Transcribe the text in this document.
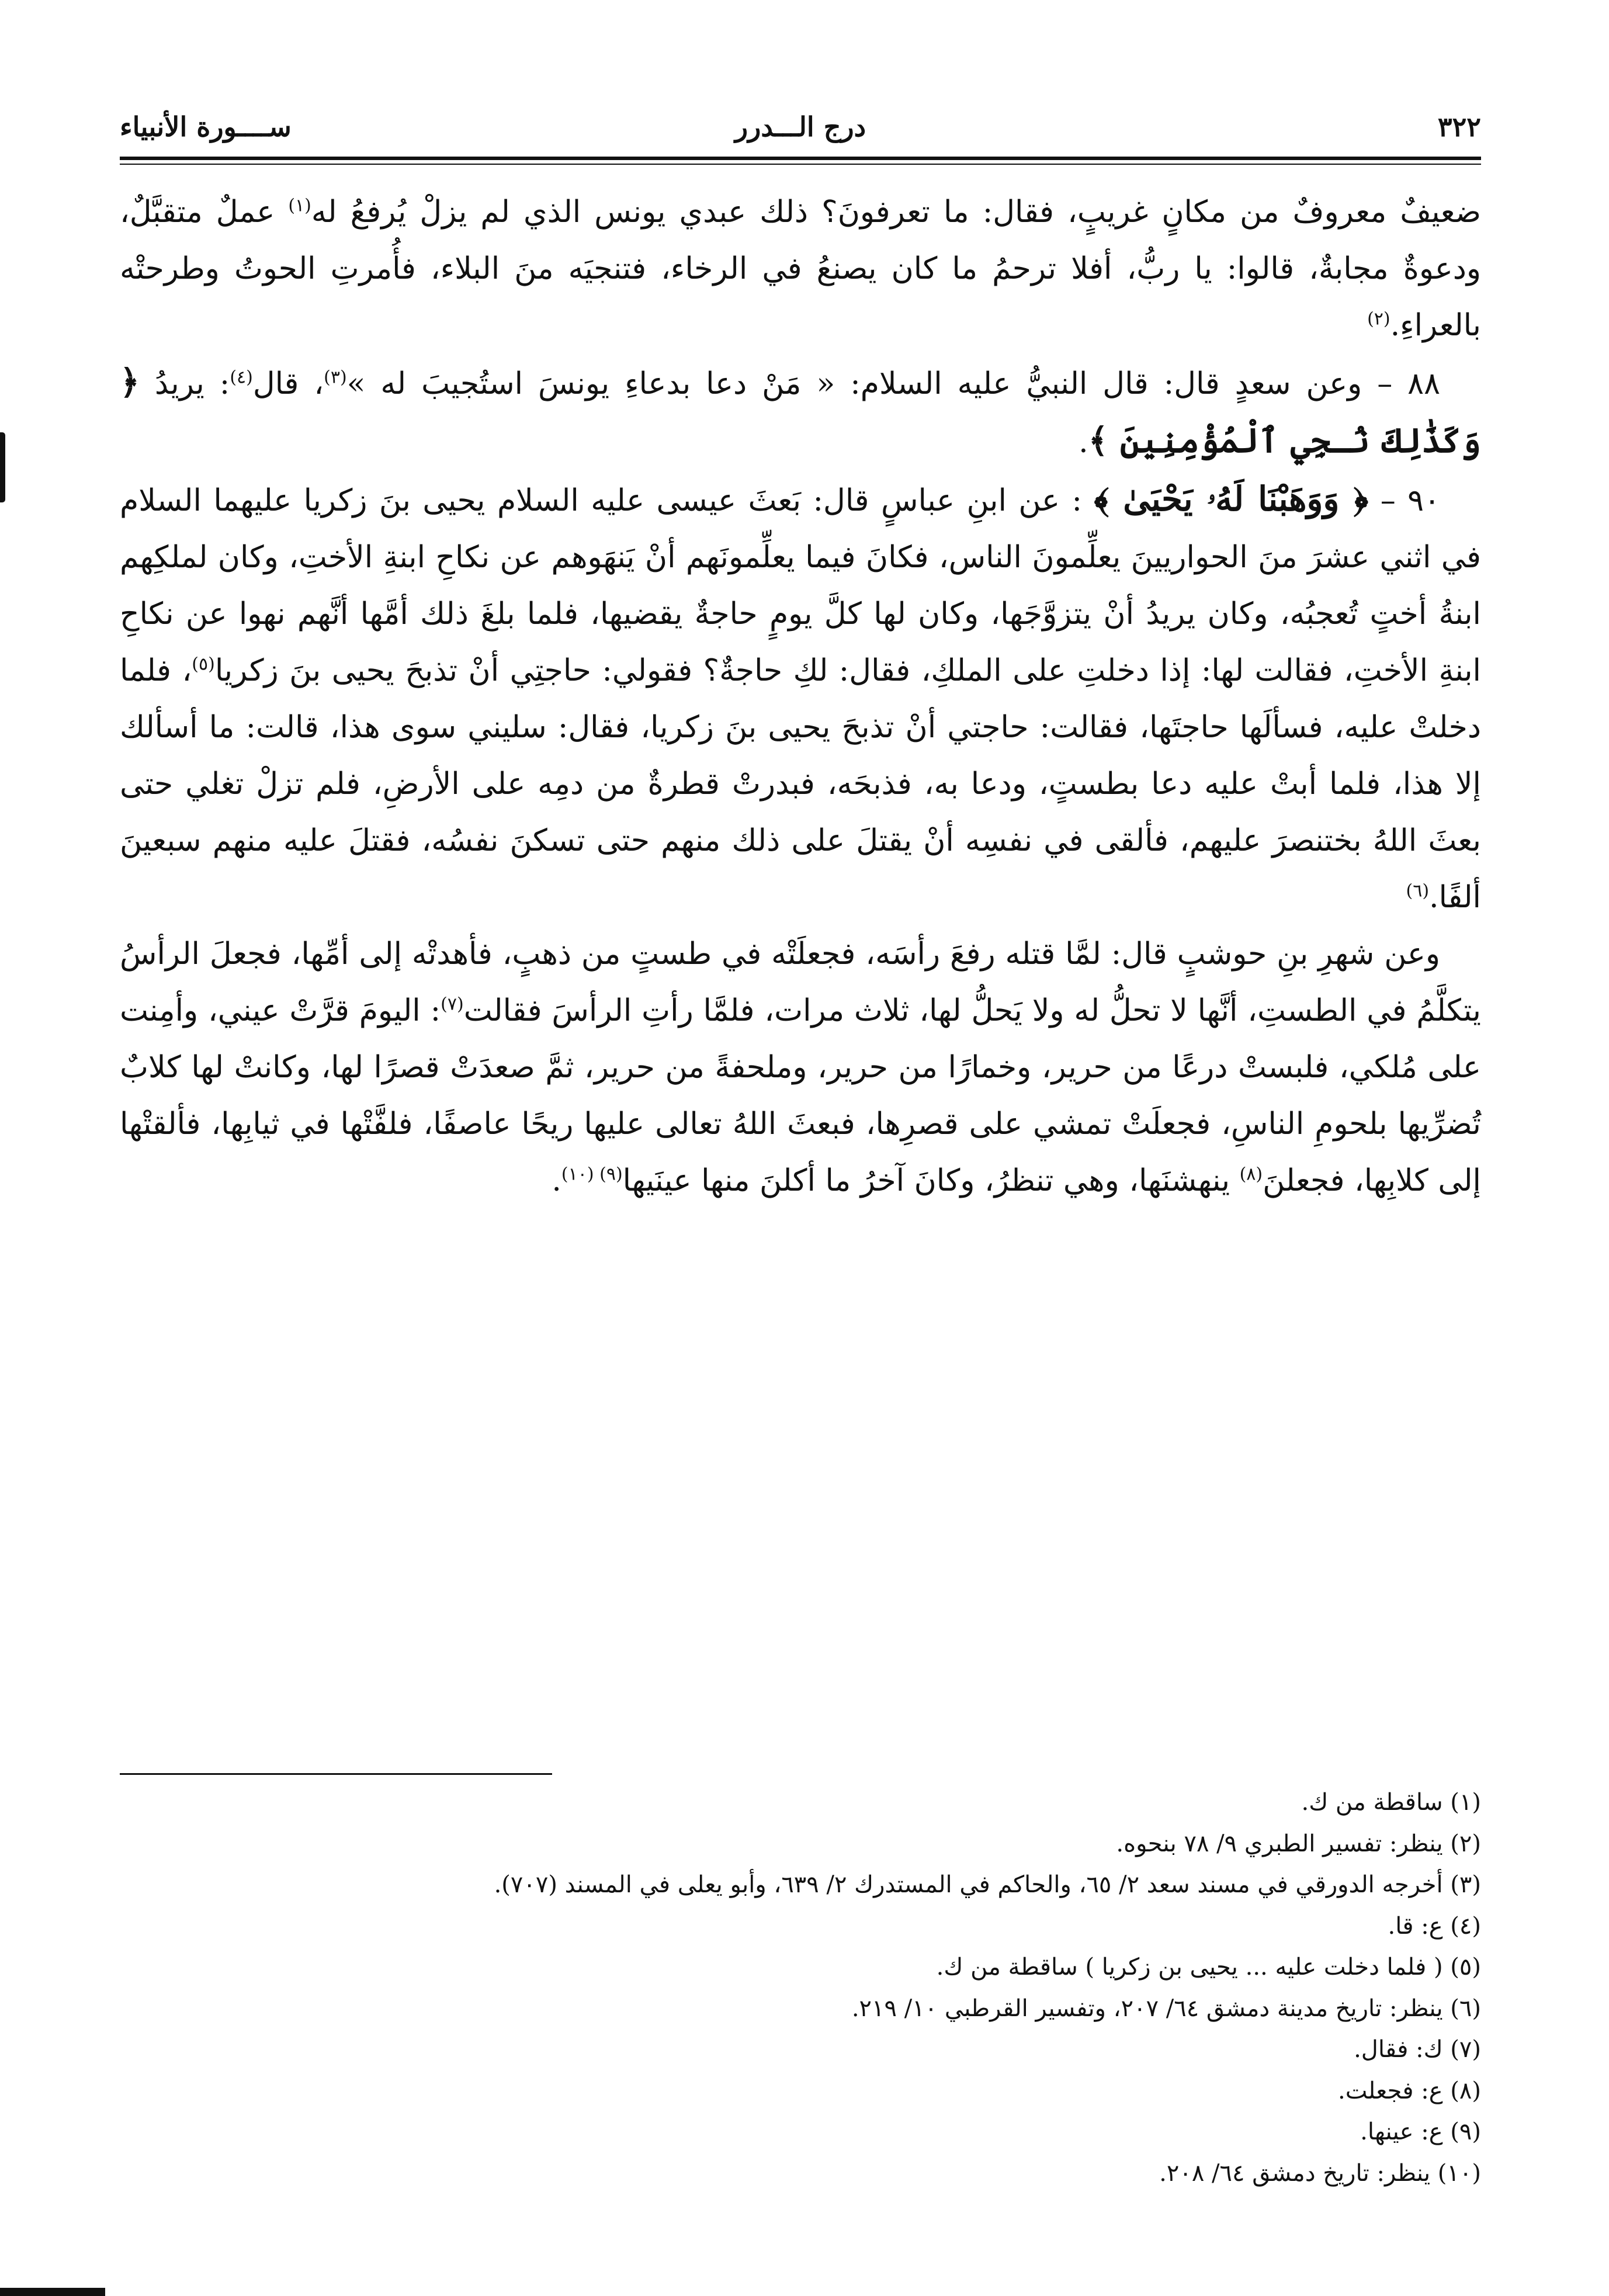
٣٢٢
درج الـــدرر
ســــورة الأنبياء

ضعيفٌ معروفٌ من مكانٍ غريبٍ، فقال: ما تعرفونَ؟ ذلك عبدي يونس الذي لم يزلْ يُرفعُ له$^{(١)}$ عملٌ متقبَّلٌ، ودعوةٌ مجابةٌ، قالوا: يا ربُّ، أفلا ترحمُ ما كان يصنعُ في الرخاء، فتنجيَه منَ البلاء، فأُمرتِ الحوتُ وطرحتْه بالعراءِ.$^{(٢)}$

٨٨ – وعن سعدٍ قال: قال النبيُّ عليه السلام: « مَنْ دعا بدعاءِ يونسَ استُجيبَ له »$^{(٣)}$، قال$^{(٤)}$: يريدُ ﴿ وَكَذَٰلِكَ نُـجِي ٱلْمُؤْمِنِينَ ﴾.

٩٠ – ﴿ وَوَهَبْنَا لَهُۥ يَحْيَىٰ ﴾ : عن ابنِ عباسٍ قال: بَعثَ عيسى عليه السلام يحيى بنَ زكريا عليهما السلام في اثني عشرَ منَ الحواريينَ يعلِّمونَ الناس، فكانَ فيما يعلِّمونَهم أنْ يَنهَوهم عن نكاحِ ابنةِ الأختِ، وكان لملكِهم ابنةُ أختٍ تُعجبُه، وكان يريدُ أنْ يتزوَّجَها، وكان لها كلَّ يومٍ حاجةٌ يقضيها، فلما بلغَ ذلك أمَّها أنَّهم نهوا عن نكاحِ ابنةِ الأختِ، فقالت لها: إذا دخلتِ على الملكِ، فقال: لكِ حاجةٌ؟ فقولي: حاجتِي أنْ تذبحَ يحيى بنَ زكريا$^{(٥)}$، فلما دخلتْ عليه، فسألَها حاجتَها، فقالت: حاجتي أنْ تذبحَ يحيى بنَ زكريا، فقال: سليني سوى هذا، قالت: ما أسألك إلا هذا، فلما أبتْ عليه دعا بطستٍ، ودعا به، فذبحَه، فبدرتْ قطرةٌ من دمِه على الأرضِ، فلم تزلْ تغلي حتى بعثَ اللهُ بختنصرَ عليهم، فألقى في نفسِه أنْ يقتلَ على ذلك منهم حتى تسكنَ نفسُه، فقتلَ عليه منهم سبعينَ ألفًا.$^{(٦)}$

وعن شهرِ بنِ حوشبٍ قال: لمَّا قتله رفعَ رأسَه، فجعلَتْه في طستٍ من ذهبٍ، فأهدتْه إلى أمِّها، فجعلَ الرأسُ يتكلَّمُ في الطستِ، أنَّها لا تحلُّ له ولا يَحلُّ لها، ثلاث مرات، فلمَّا رأتِ الرأسَ فقالت$^{(٧)}$: اليومَ قرَّتْ عيني، وأمِنت على مُلكي، فلبستْ درعًا من حرير، وخمارًا من حرير، وملحفةً من حرير، ثمَّ صعدَتْ قصرًا لها، وكانتْ لها كلابٌ تُضرِّيها بلحومِ الناسِ، فجعلَتْ تمشي على قصرِها، فبعثَ اللهُ تعالى عليها ريحًا عاصفًا، فلفَّتْها في ثيابِها، فألقتْها إلى كلابِها، فجعلنَ$^{(٨)}$ ينهشنَها، وهي تنظرُ، وكانَ آخرُ ما أكلنَ منها عينَيها$^{(٩) (١٠)}$.

(١) ساقطة من ك.
(٢) ينظر: تفسير الطبري ٩/ ٧٨ بنحوه.
(٣) أخرجه الدورقي في مسند سعد ٢/ ٦٥، والحاكم في المستدرك ٢/ ٦٣٩، وأبو يعلى في المسند (٧٠٧).
(٤) ع: قا.
(٥) ( فلما دخلت عليه ... يحيى بن زكريا ) ساقطة من ك.
(٦) ينظر: تاريخ مدينة دمشق ٦٤/ ٢٠٧، وتفسير القرطبي ١٠/ ٢١٩.
(٧) ك: فقال.
(٨) ع: فجعلت.
(٩) ع: عينها.
(١٠) ينظر: تاريخ دمشق ٦٤/ ٢٠٨.
